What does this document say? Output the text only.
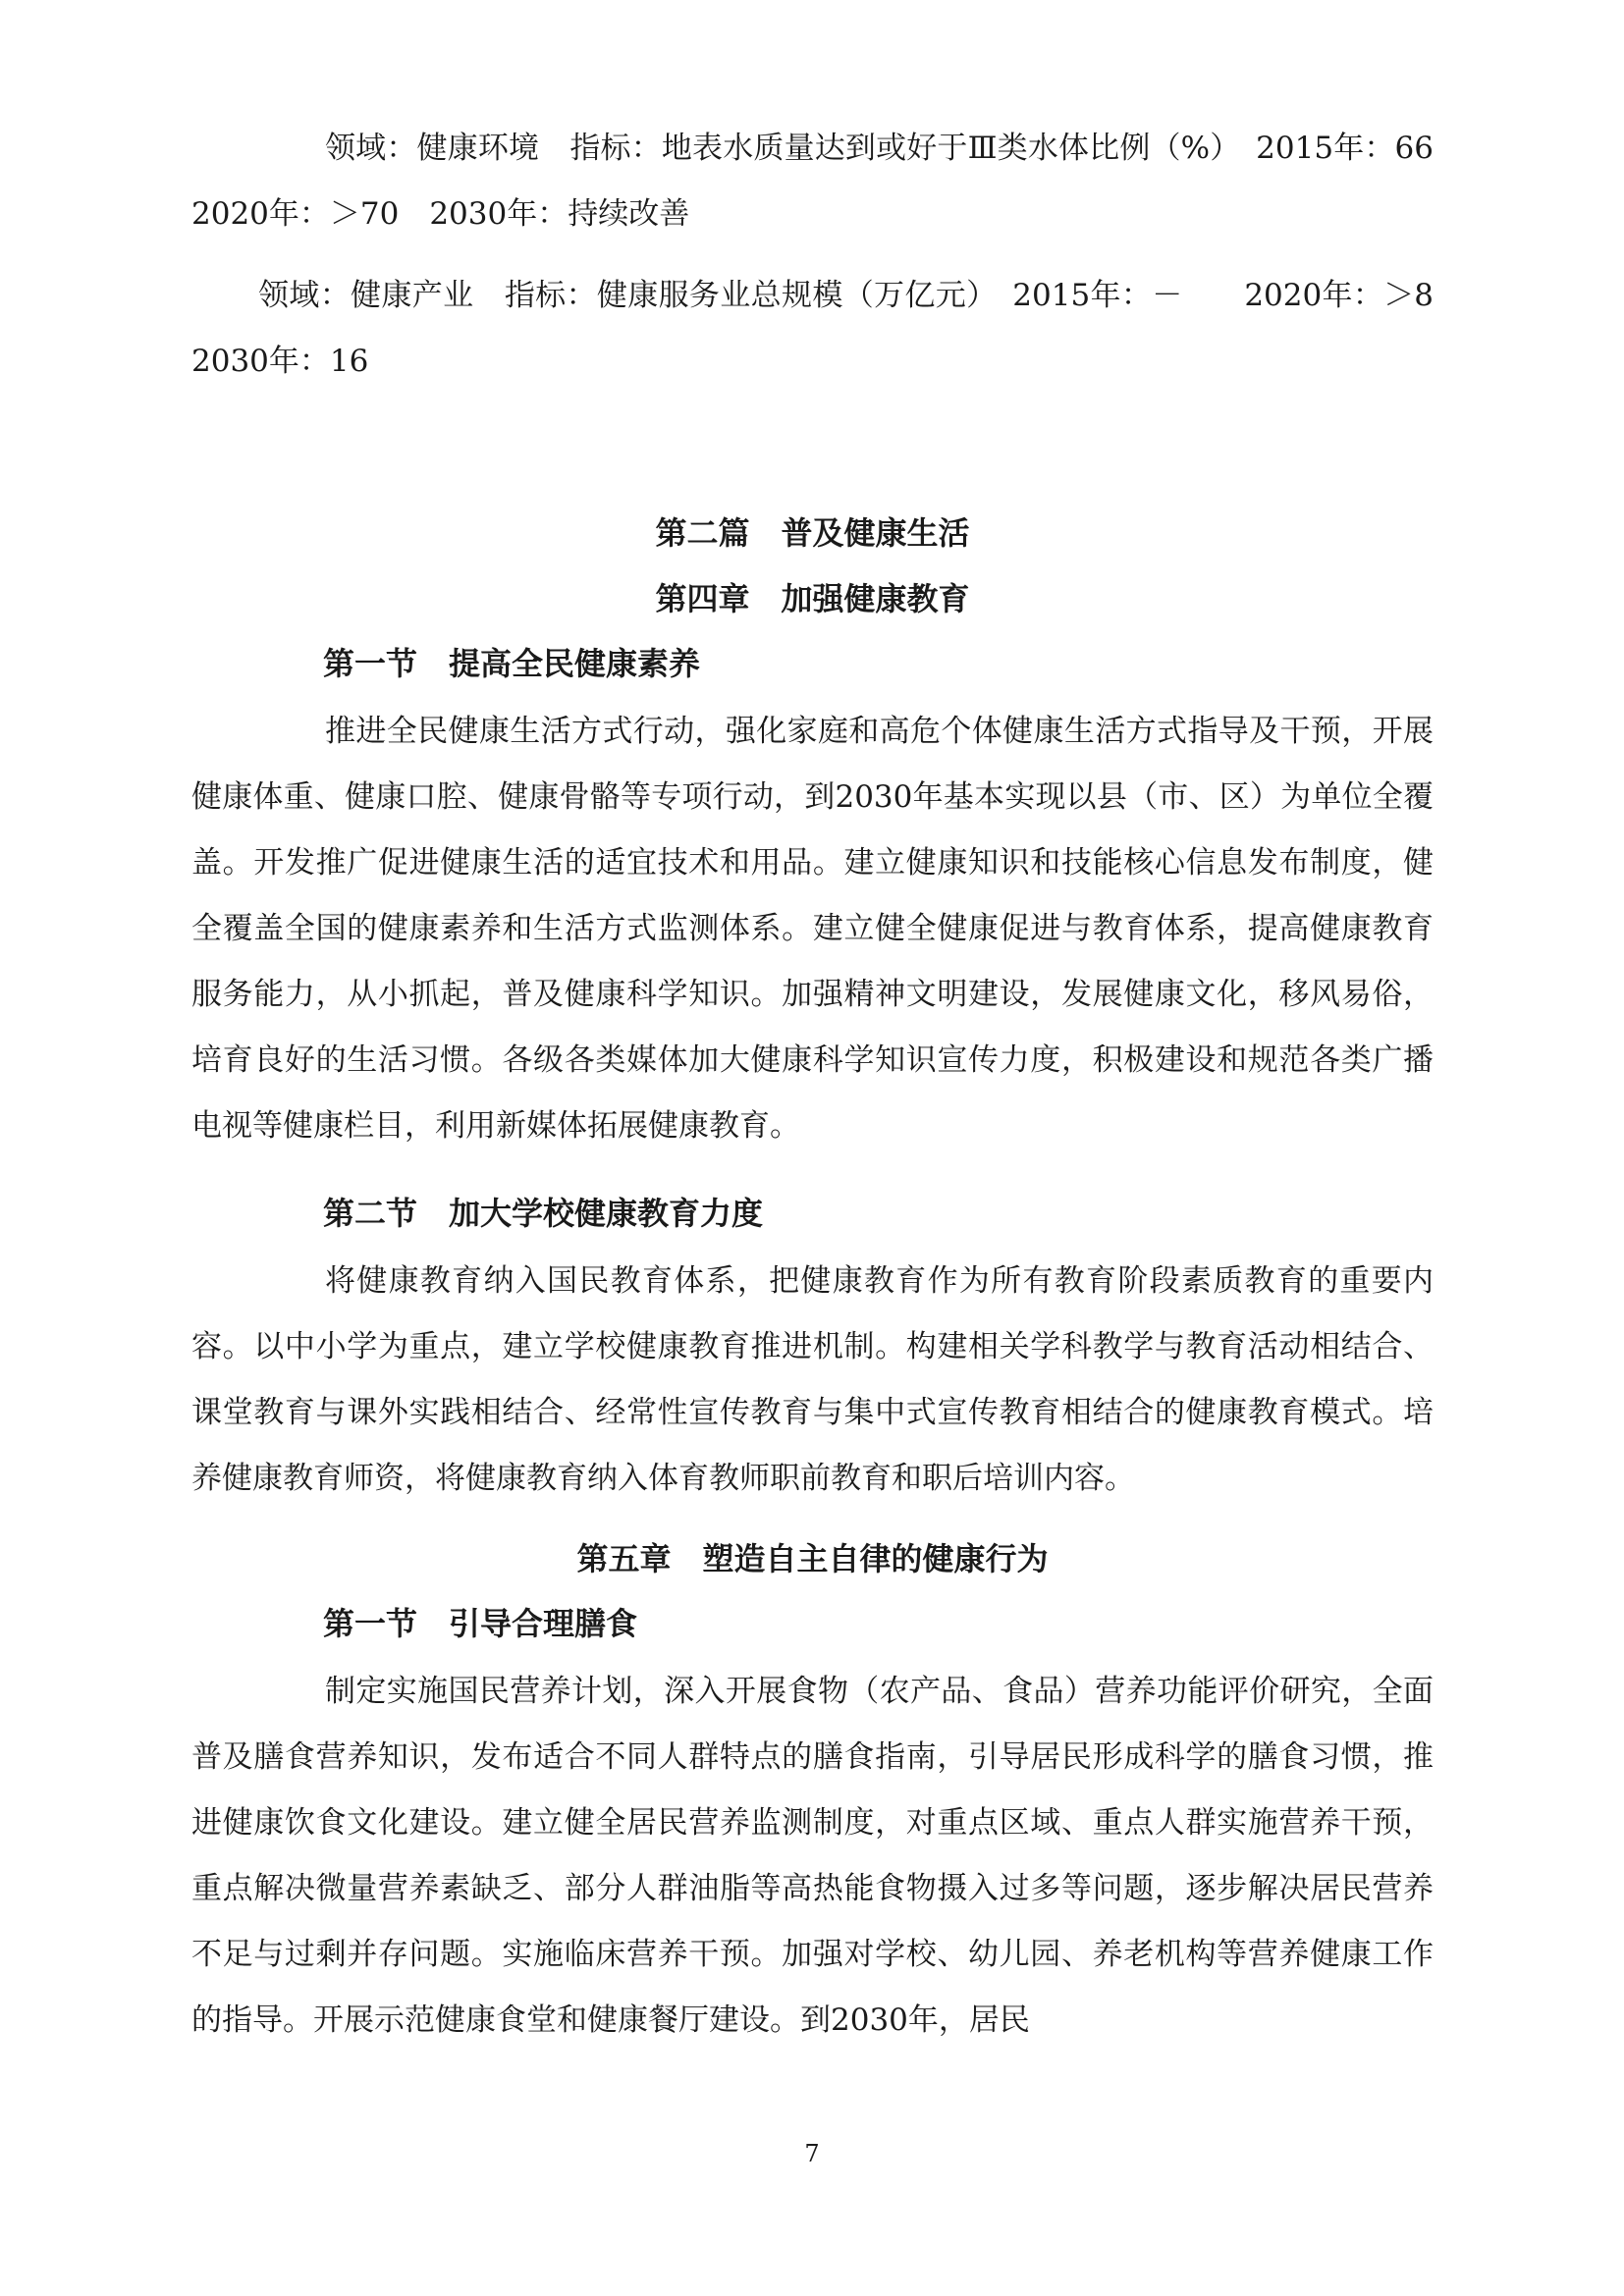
领域：健康环境　指标：地表水质量达到或好于Ⅲ类水体比例（%）　2015年：66　2020年：＞70　2030年：持续改善

领域：健康产业　指标：健康服务业总规模（万亿元）　2015年：－　　2020年：＞8　2030年：16

第二篇　普及健康生活
第四章　加强健康教育
第一节　提高全民健康素养

推进全民健康生活方式行动，强化家庭和高危个体健康生活方式指导及干预，开展健康体重、健康口腔、健康骨骼等专项行动，到2030年基本实现以县（市、区）为单位全覆盖。开发推广促进健康生活的适宜技术和用品。建立健康知识和技能核心信息发布制度，健全覆盖全国的健康素养和生活方式监测体系。建立健全健康促进与教育体系，提高健康教育服务能力，从小抓起，普及健康科学知识。加强精神文明建设，发展健康文化，移风易俗，培育良好的生活习惯。各级各类媒体加大健康科学知识宣传力度，积极建设和规范各类广播电视等健康栏目，利用新媒体拓展健康教育。

第二节　加大学校健康教育力度

将健康教育纳入国民教育体系，把健康教育作为所有教育阶段素质教育的重要内容。以中小学为重点，建立学校健康教育推进机制。构建相关学科教学与教育活动相结合、课堂教育与课外实践相结合、经常性宣传教育与集中式宣传教育相结合的健康教育模式。培养健康教育师资，将健康教育纳入体育教师职前教育和职后培训内容。

第五章　塑造自主自律的健康行为
第一节　引导合理膳食

制定实施国民营养计划，深入开展食物（农产品、食品）营养功能评价研究，全面普及膳食营养知识，发布适合不同人群特点的膳食指南，引导居民形成科学的膳食习惯，推进健康饮食文化建设。建立健全居民营养监测制度，对重点区域、重点人群实施营养干预，重点解决微量营养素缺乏、部分人群油脂等高热能食物摄入过多等问题，逐步解决居民营养不足与过剩并存问题。实施临床营养干预。加强对学校、幼儿园、养老机构等营养健康工作的指导。开展示范健康食堂和健康餐厅建设。到2030年，居民

7
